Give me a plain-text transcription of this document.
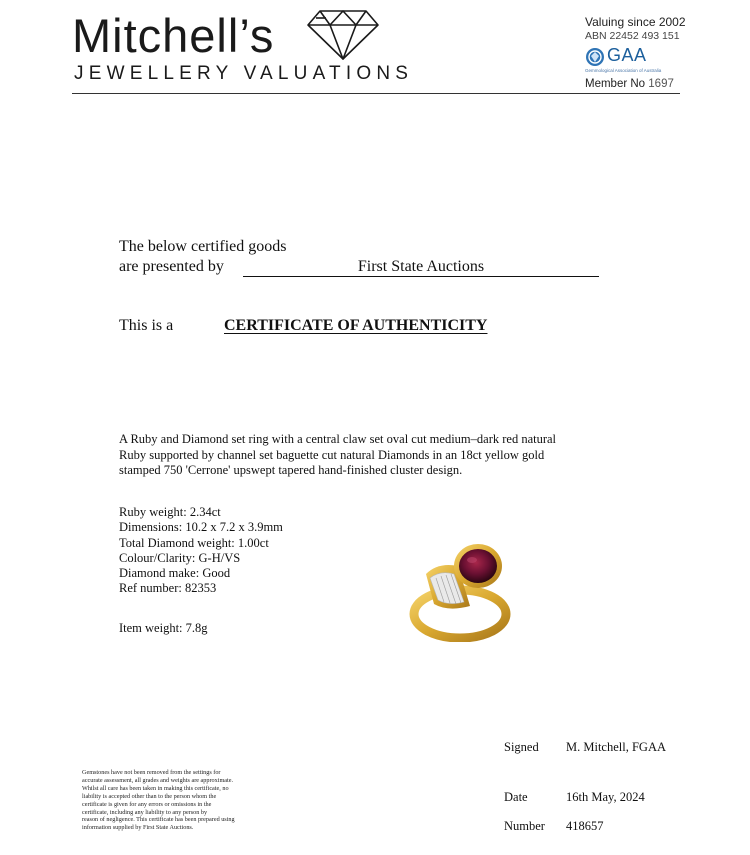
Mitchell’s
JEWELLERY VALUATIONS
Valuing since 2002
ABN 22452 493 151
GAA
Gemmological Association of Australia
Member No 1697
The below certified goods
are presented by	First State Auctions
This is a	CERTIFICATE OF AUTHENTICITY
A Ruby and Diamond set ring with a central claw set oval cut medium–dark red natural Ruby supported by channel set baguette cut natural Diamonds in an 18ct yellow gold stamped 750 'Cerrone' upswept tapered hand-finished cluster design.
Ruby weight: 2.34ct
Dimensions: 10.2 x 7.2 x 3.9mm
Total Diamond weight: 1.00ct
Colour/Clarity: G-H/VS
Diamond make: Good
Ref number: 82353
Item weight: 7.8g
Signed M. Mitchell, FGAA
Date	16th May, 2024
Number 418657
Gemstones have not been removed from the settings for
accurate assessment, all grades and weights are approximate.
Whilst all care has been taken in making this certificate, no
liability is accepted other than to the person whom the
certificate is given for any errors or omissions in the
certificate, including any liability to any person by
reason of negligence. This certificate has been prepared using
information supplied by First State Auctions.
